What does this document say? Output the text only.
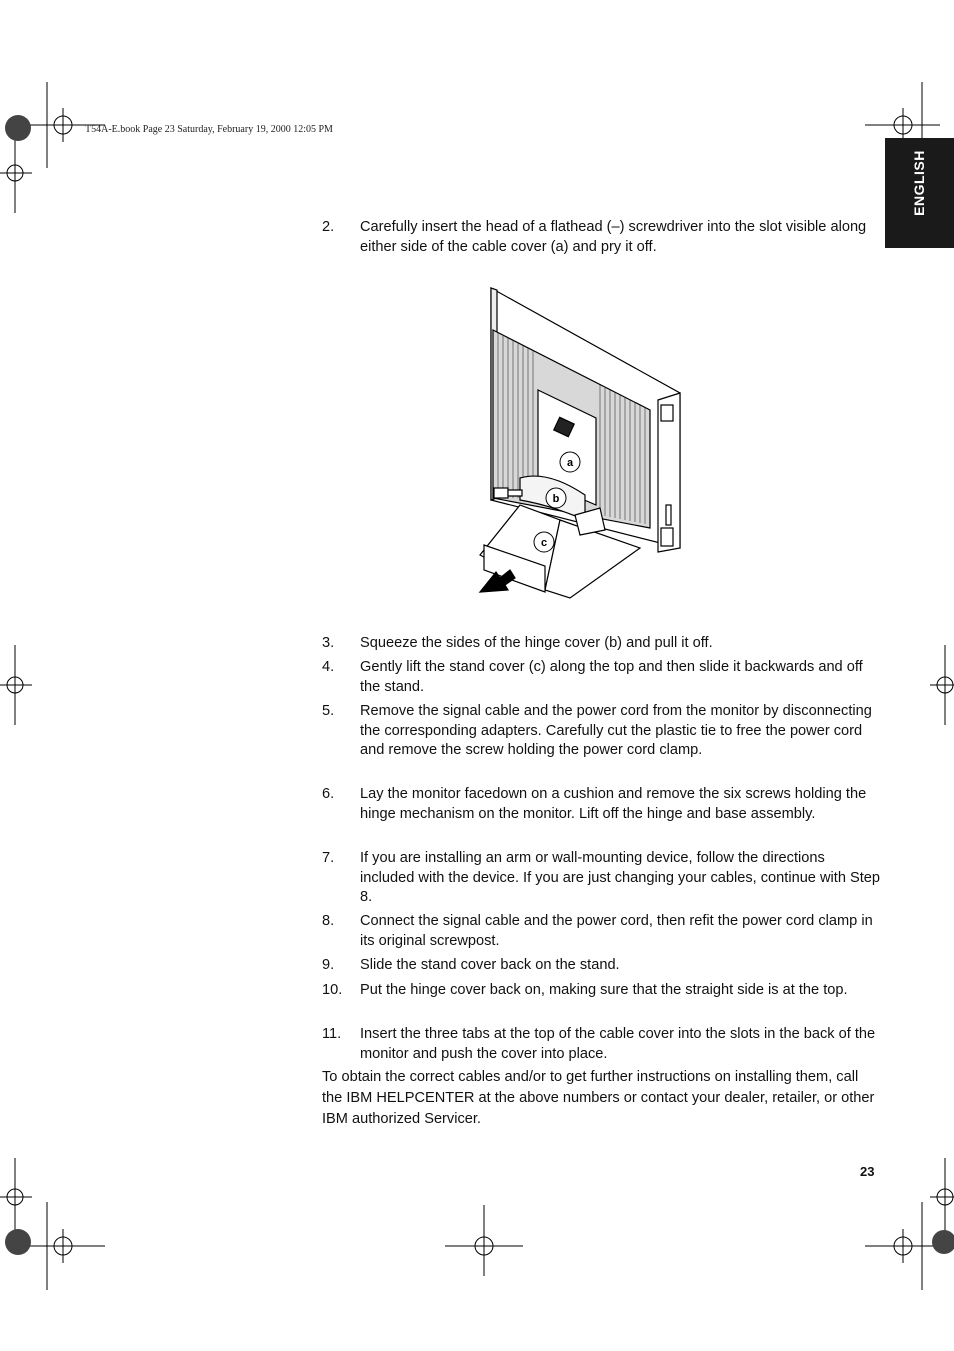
T54A-E.book Page 23 Saturday, February 19, 2000 12:05 PM
ENGLISH
2. Carefully insert the head of a flathead (–) screwdriver into the slot visible along either side of the cable cover (a) and pry it off.
a
b
c
3. Squeeze the sides of the hinge cover (b) and pull it off.
4. Gently lift the stand cover (c) along the top and then slide it backwards and off the stand.
5. Remove the signal cable and the power cord from the monitor by disconnecting the corresponding adapters. Carefully cut the plastic tie to free the power cord and remove the screw holding the power cord clamp.
6. Lay the monitor facedown on a cushion and remove the six screws holding the hinge mechanism on the monitor. Lift off the hinge and base assembly.
7. If you are installing an arm or wall-mounting device, follow the directions included with the device. If you are just changing your cables, continue with Step 8.
8. Connect the signal cable and the power cord, then refit the power cord clamp in its original screwpost.
9. Slide the stand cover back on the stand.
10. Put the hinge cover back on, making sure that the straight side is at the top.
11. Insert the three tabs at the top of the cable cover into the slots in the back of the monitor and push the cover into place.
To obtain the correct cables and/or to get further instructions on installing them, call the IBM HELPCENTER at the above numbers or contact your dealer, retailer, or other IBM authorized Servicer.
23
